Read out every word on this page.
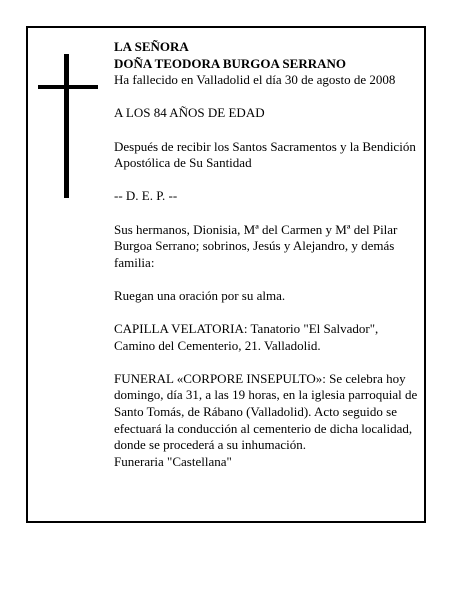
LA SEÑORA

DOÑA TEODORA BURGOA SERRANO

Ha fallecido en Valladolid el día 30 de agosto de 2008

A LOS 84 AÑOS DE EDAD

Después de recibir los Santos Sacramentos y la Bendición Apostólica de Su Santidad

-- D. E. P. --

Sus hermanos, Dionisia, Mª del Carmen y Mª del Pilar Burgoa Serrano; sobrinos, Jesús y Alejandro, y demás familia:

Ruegan una oración por su alma.

CAPILLA VELATORIA: Tanatorio "El Salvador", Camino del Cementerio, 21. Valladolid.

FUNERAL «CORPORE INSEPULTO»: Se celebra hoy domingo, día 31, a las 19 horas, en la iglesia parroquial de Santo Tomás, de Rábano (Valladolid). Acto seguido se efectuará la conducción al cementerio de dicha localidad, donde se procederá a su inhumación.

Funeraria "Castellana"
